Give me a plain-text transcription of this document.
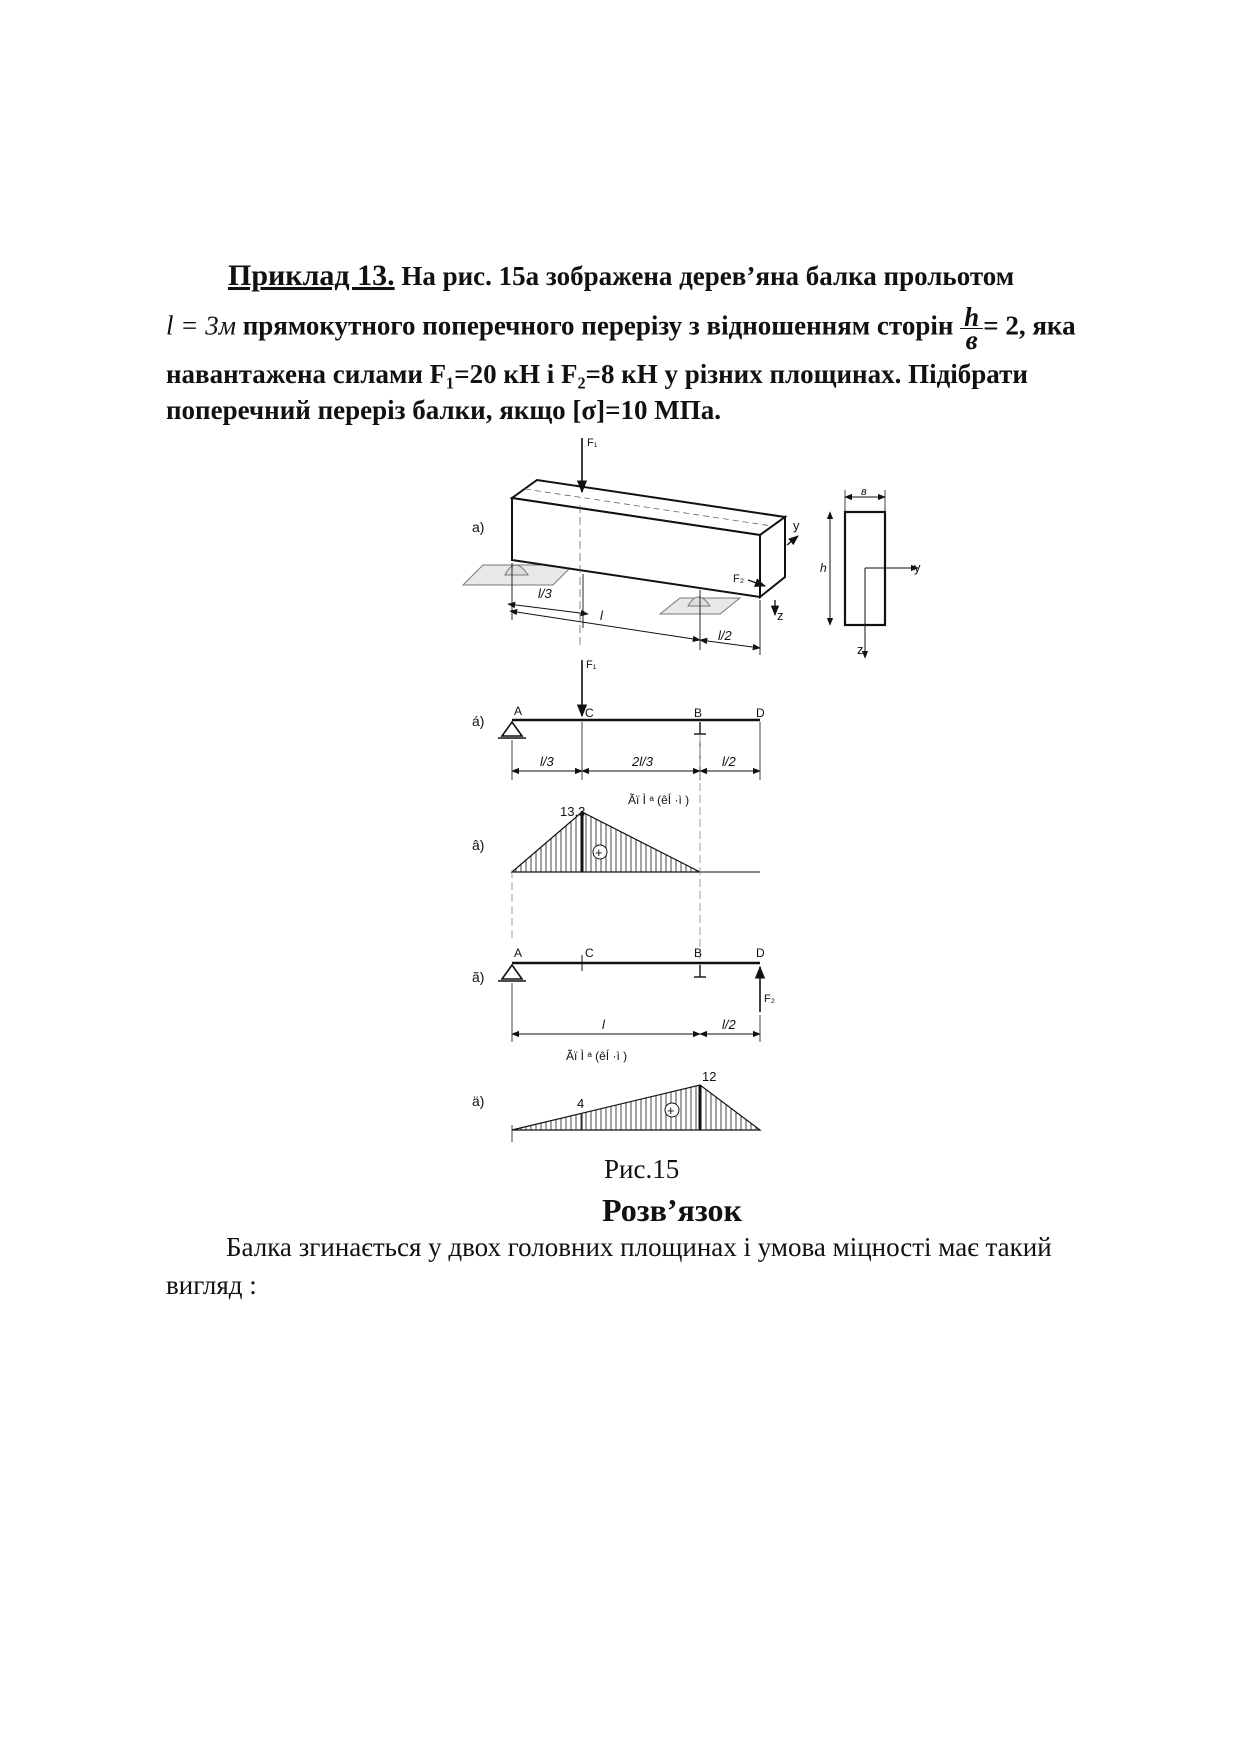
Приклад 13. На рис. 15а зображена дерев’яна балка прольотом
l = 3м прямокутного поперечного перерізу з відношенням сторін $\frac{h}{в} = 2$, яка
навантажена силами F₁=20 кН і F₂=8 кН у різних площинах. Підібрати
поперечний переріз балки, якщо [σ]=10 МПа.
а)
F₁
F₂
y
z
l/3
l
l/2
в
h	y
z
á)
F₁
A	C	B	D
l/3	2l/3	l/2
â)
Ãï Ì ᵃ (êÍ ·ì )
13,3
+
ã)
F₂
A	C	B	D
l	l/2
ä)
Ãï Ì ᵃ (êÍ ·ì )
4
12
+
Рис.15
Розв’язок
Балка згинається у двох головних площинах і умова міцності має такий
вигляд :
